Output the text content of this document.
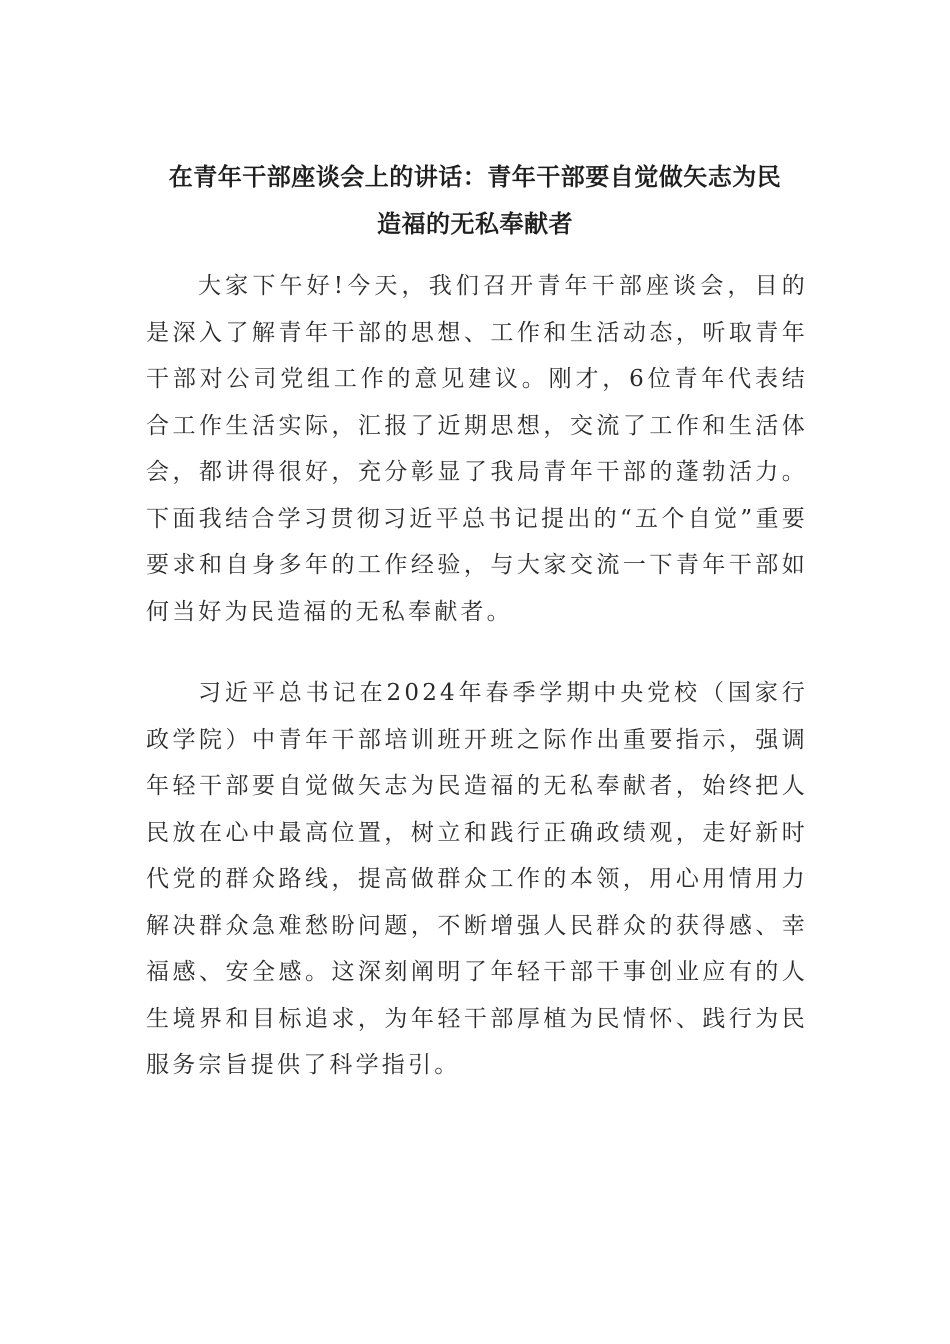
在青年干部座谈会上的讲话：青年干部要自觉做矢志为民
造福的无私奉献者

大家下午好!今天，我们召开青年干部座谈会，目的是深入了解青年干部的思想、工作和生活动态，听取青年干部对公司党组工作的意见建议。刚才，6位青年代表结合工作生活实际，汇报了近期思想，交流了工作和生活体会，都讲得很好，充分彰显了我局青年干部的蓬勃活力。下面我结合学习贯彻习近平总书记提出的“五个自觉”重要要求和自身多年的工作经验，与大家交流一下青年干部如何当好为民造福的无私奉献者。

习近平总书记在2024年春季学期中央党校（国家行政学院）中青年干部培训班开班之际作出重要指示，强调年轻干部要自觉做矢志为民造福的无私奉献者，始终把人民放在心中最高位置，树立和践行正确政绩观，走好新时代党的群众路线，提高做群众工作的本领，用心用情用力解决群众急难愁盼问题，不断增强人民群众的获得感、幸福感、安全感。这深刻阐明了年轻干部干事创业应有的人生境界和目标追求，为年轻干部厚植为民情怀、践行为民服务宗旨提供了科学指引。
